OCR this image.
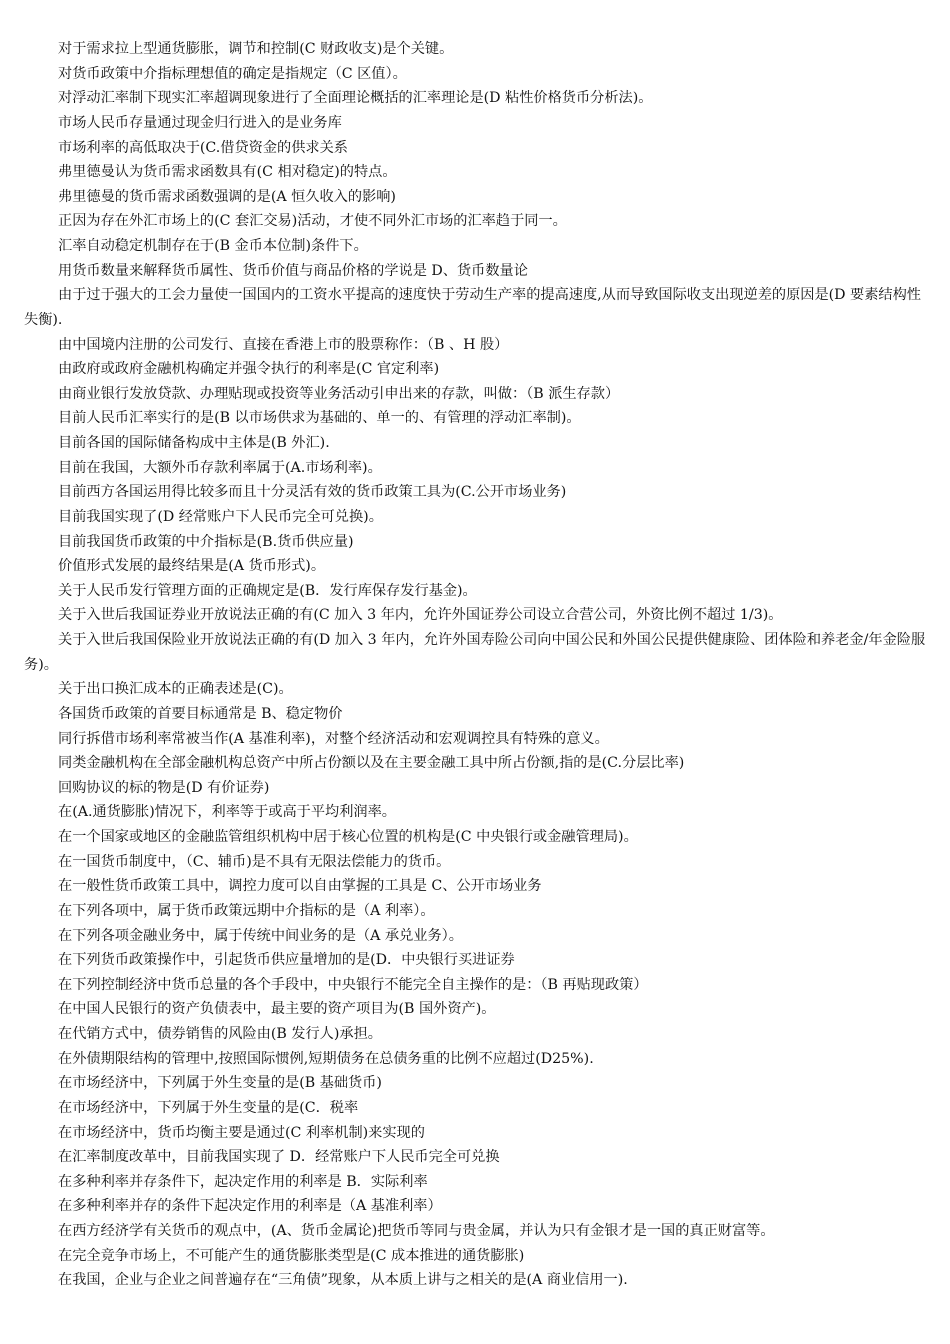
对于需求拉上型通货膨胀，调节和控制(C 财政收支)是个关键。

对货币政策中介指标理想值的确定是指规定（C 区值）。

对浮动汇率制下现实汇率超调现象进行了全面理论概括的汇率理论是(D 粘性价格货币分析法)。

市场人民币存量通过现金归行进入的是业务库

市场利率的高低取决于(C.借贷资金的供求关系

弗里德曼认为货币需求函数具有(C 相对稳定)的特点。

弗里德曼的货币需求函数强调的是(A 恒久收入的影响)

正因为存在外汇市场上的(C 套汇交易)活动，才使不同外汇市场的汇率趋于同一。

汇率自动稳定机制存在于(B 金币本位制)条件下。

用货币数量来解释货币属性、货币价值与商品价格的学说是 D、货币数量论

由于过于强大的工会力量使一国国内的工资水平提高的速度快于劳动生产率的提高速度,从而导致国际收支出现逆差的原因是(D 要素结构性失衡).

由中国境内注册的公司发行、直接在香港上市的股票称作：（B 、H 股）

由政府或政府金融机构确定并强令执行的利率是(C 官定利率)

由商业银行发放贷款、办理贴现或投资等业务活动引申出来的存款，叫做：（B 派生存款）

目前人民币汇率实行的是(B 以市场供求为基础的、单一的、有管理的浮动汇率制)。

目前各国的国际储备构成中主体是(B 外汇).

目前在我国，大额外币存款利率属于(A.市场利率)。

目前西方各国运用得比较多而且十分灵活有效的货币政策工具为(C.公开市场业务)

目前我国实现了(D 经常账户下人民币完全可兑换)。

目前我国货币政策的中介指标是(B.货币供应量)

价值形式发展的最终结果是(A 货币形式)。

关于人民币发行管理方面的正确规定是(B．发行库保存发行基金)。

关于入世后我国证券业开放说法正确的有(C 加入 3 年内，允许外国证券公司设立合营公司，外资比例不超过 1/3)。

关于入世后我国保险业开放说法正确的有(D 加入 3 年内，允许外国寿险公司向中国公民和外国公民提供健康险、团体险和养老金/年金险服务)。

关于出口换汇成本的正确表述是(C)。

各国货币政策的首要目标通常是 B、稳定物价

同行拆借市场利率常被当作(A 基准利率)，对整个经济活动和宏观调控具有特殊的意义。

同类金融机构在全部金融机构总资产中所占份额以及在主要金融工具中所占份额,指的是(C.分层比率)

回购协议的标的物是(D 有价证券)

在(A.通货膨胀)情况下，利率等于或高于平均利润率。

在一个国家或地区的金融监管组织机构中居于核心位置的机构是(C 中央银行或金融管理局)。

在一国货币制度中，（C、辅币)是不具有无限法偿能力的货币。

在一般性货币政策工具中，调控力度可以自由掌握的工具是 C、公开市场业务

在下列各项中，属于货币政策远期中介指标的是（A 利率）。

在下列各项金融业务中，属于传统中间业务的是（A 承兑业务）。

在下列货币政策操作中，引起货币供应量增加的是(D．中央银行买进证券

在下列控制经济中货币总量的各个手段中，中央银行不能完全自主操作的是：（B 再贴现政策）

在中国人民银行的资产负债表中，最主要的资产项目为(B 国外资产)。

在代销方式中，债券销售的风险由(B 发行人)承担。

在外债期限结构的管理中,按照国际惯例,短期债务在总债务重的比例不应超过(D25%).

在市场经济中，下列属于外生变量的是(B 基础货币)

在市场经济中，下列属于外生变量的是(C．税率

在市场经济中，货币均衡主要是通过(C 利率机制)来实现的

在汇率制度改革中，目前我国实现了 D．经常账户下人民币完全可兑换

在多种利率并存条件下，起决定作用的利率是 B．实际利率

在多种利率并存的条件下起决定作用的利率是（A 基准利率）

在西方经济学有关货币的观点中，(A、货币金属论)把货币等同与贵金属，并认为只有金银才是一国的真正财富等。

在完全竞争市场上，不可能产生的通货膨胀类型是(C 成本推进的通货膨胀)

在我国，企业与企业之间普遍存在“三角债”现象，从本质上讲与之相关的是(A 商业信用一).
